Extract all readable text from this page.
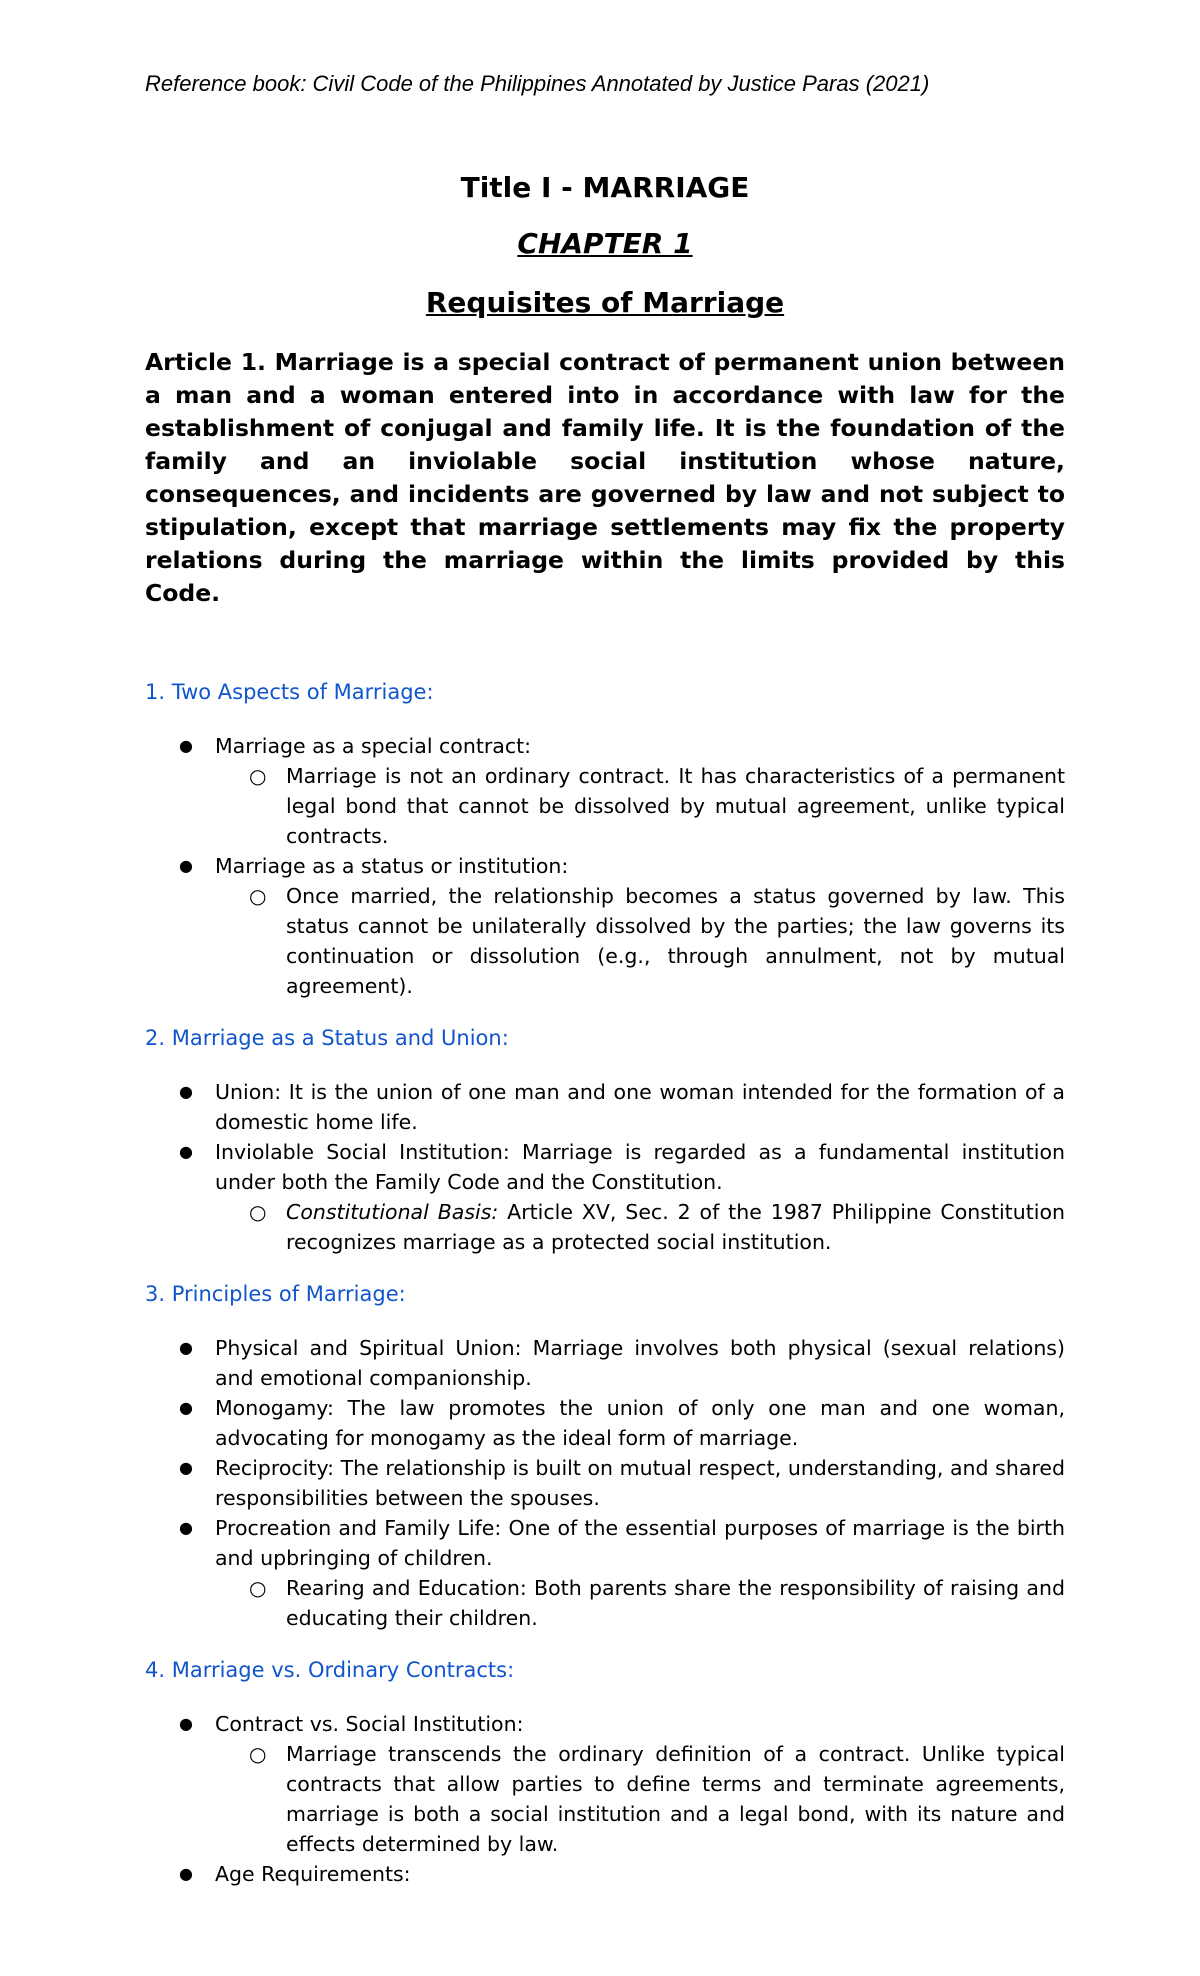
Reference book: Civil Code of the Philippines Annotated by Justice Paras (2021)

Title I - MARRIAGE
CHAPTER 1
Requisites of Marriage
Article 1. Marriage is a special contract of permanent union between a man and a woman entered into in accordance with law for the establishment of conjugal and family life. It is the foundation of the family and an inviolable social institution whose nature, consequences, and incidents are governed by law and not subject to stipulation, except that marriage settlements may fix the property relations during the marriage within the limits provided by this Code.
1. Two Aspects of Marriage:
● Marriage as a special contract:
○ Marriage is not an ordinary contract. It has characteristics of a permanent legal bond that cannot be dissolved by mutual agreement, unlike typical contracts.
● Marriage as a status or institution:
○ Once married, the relationship becomes a status governed by law. This status cannot be unilaterally dissolved by the parties; the law governs its continuation or dissolution (e.g., through annulment, not by mutual agreement).
2. Marriage as a Status and Union:
● Union: It is the union of one man and one woman intended for the formation of a domestic home life.
● Inviolable Social Institution: Marriage is regarded as a fundamental institution under both the Family Code and the Constitution.
○ Constitutional Basis: Article XV, Sec. 2 of the 1987 Philippine Constitution recognizes marriage as a protected social institution.
3. Principles of Marriage:
● Physical and Spiritual Union: Marriage involves both physical (sexual relations) and emotional companionship.
● Monogamy: The law promotes the union of only one man and one woman, advocating for monogamy as the ideal form of marriage.
● Reciprocity: The relationship is built on mutual respect, understanding, and shared responsibilities between the spouses.
● Procreation and Family Life: One of the essential purposes of marriage is the birth and upbringing of children.
○ Rearing and Education: Both parents share the responsibility of raising and educating their children.
4. Marriage vs. Ordinary Contracts:
● Contract vs. Social Institution:
○ Marriage transcends the ordinary definition of a contract. Unlike typical contracts that allow parties to define terms and terminate agreements, marriage is both a social institution and a legal bond, with its nature and effects determined by law.
● Age Requirements:
